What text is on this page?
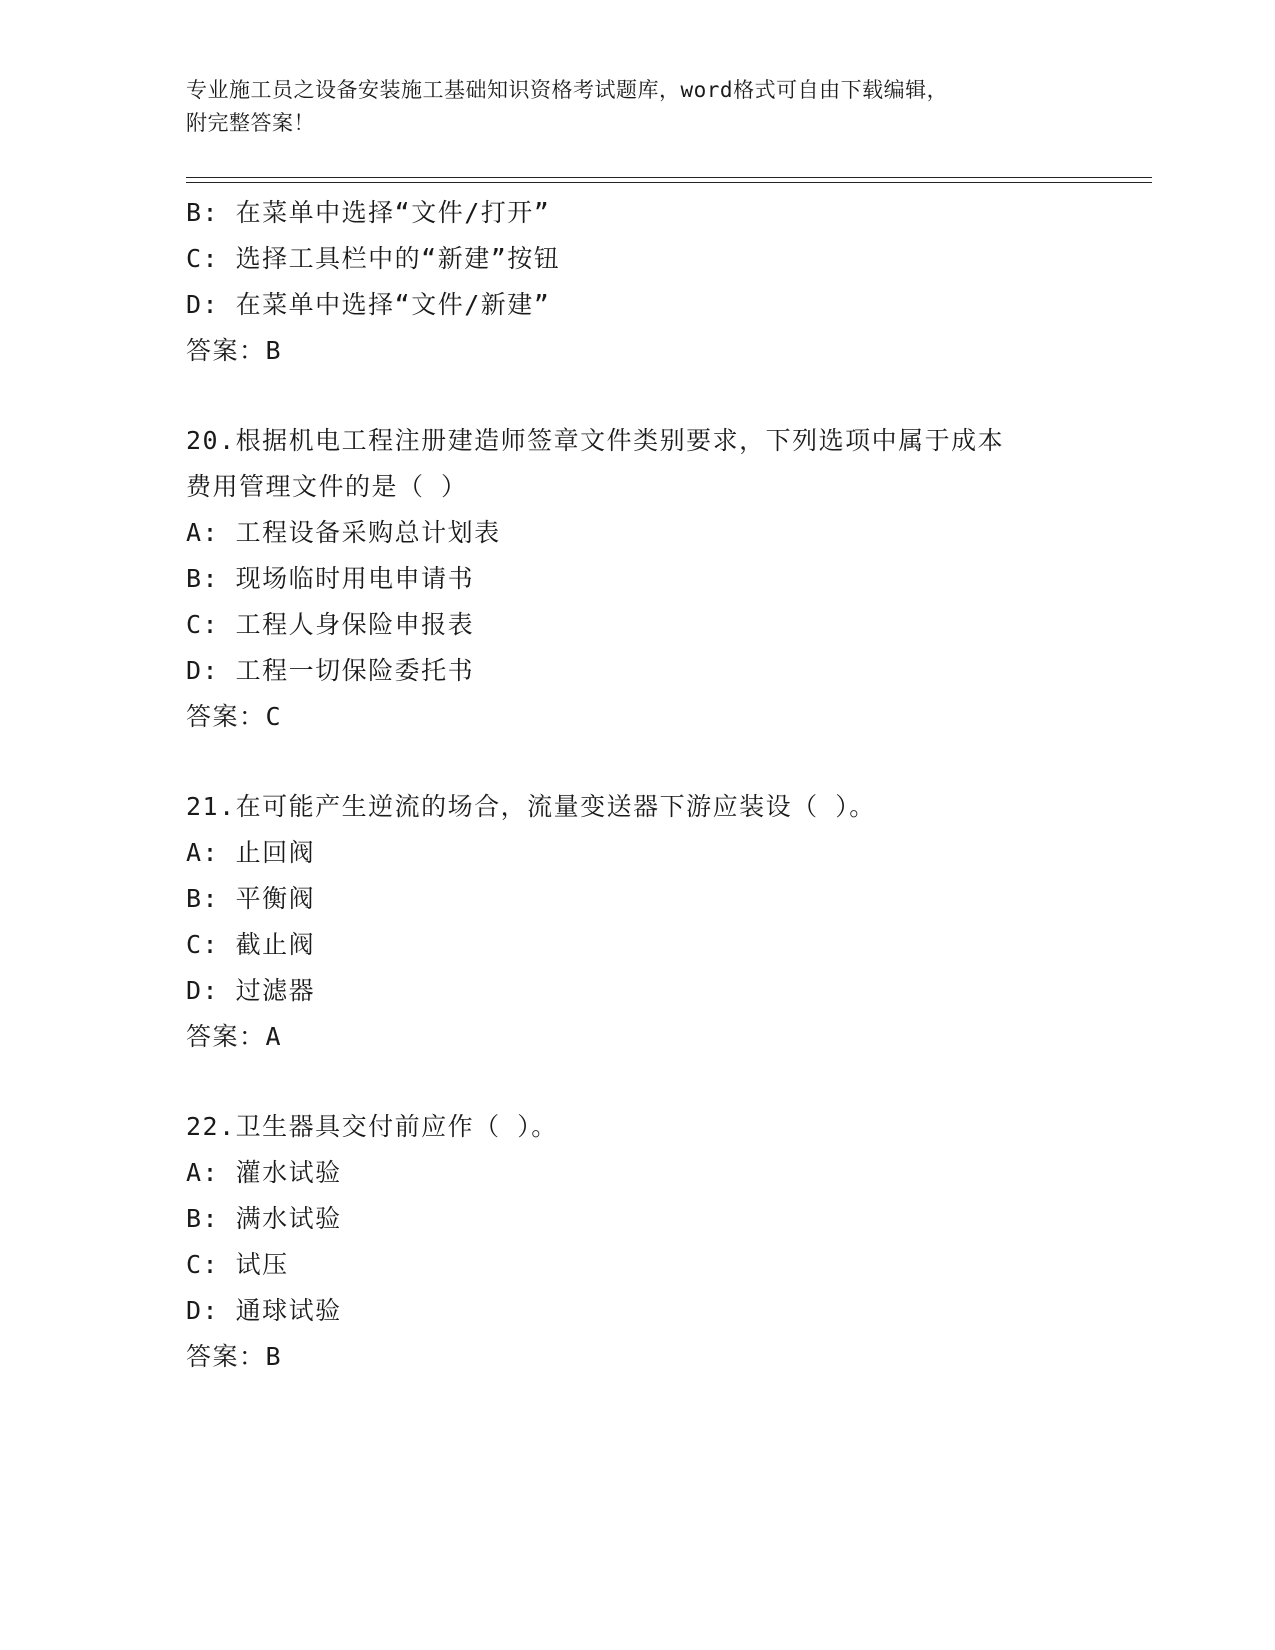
专业施工员之设备安装施工基础知识资格考试题库，word格式可自由下载编辑，
附完整答案！
B: 在菜单中选择“文件/打开”
C: 选择工具栏中的“新建”按钮
D: 在菜单中选择“文件/新建”
答案：B
20.根据机电工程注册建造师签章文件类别要求，下列选项中属于成本
费用管理文件的是（ ）
A: 工程设备采购总计划表
B: 现场临时用电申请书
C: 工程人身保险申报表
D: 工程一切保险委托书
答案：C
21.在可能产生逆流的场合，流量变送器下游应装设（ ）。
A: 止回阀
B: 平衡阀
C: 截止阀
D: 过滤器
答案：A
22.卫生器具交付前应作（ ）。
A: 灌水试验
B: 满水试验
C: 试压
D: 通球试验
答案：B
